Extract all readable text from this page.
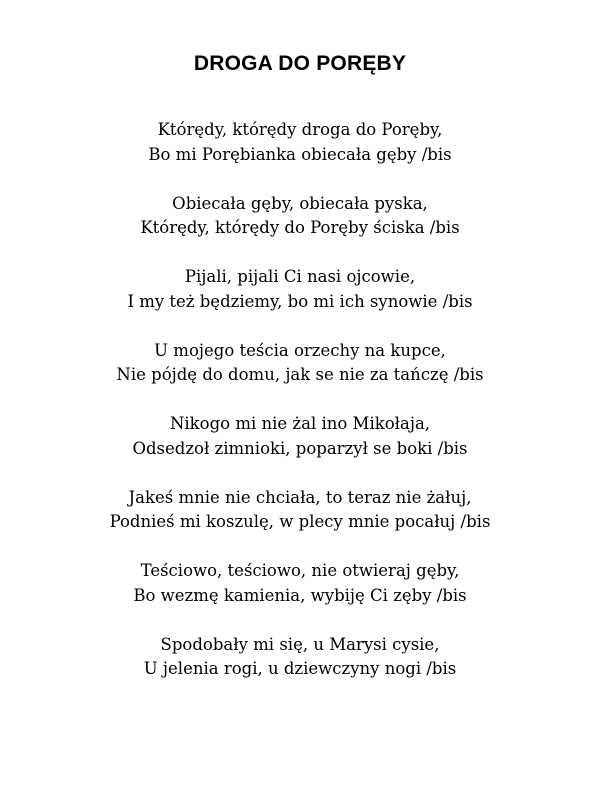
DROGA DO PORĘBY
Którędy, którędy droga do Poręby,
Bo mi Porębianka obiecała gęby /bis
Obiecała gęby, obiecała pyska,
Którędy, którędy do Poręby ściska /bis
Pijali, pijali Ci nasi ojcowie,
I my też będziemy, bo mi ich synowie /bis
U mojego teścia orzechy na kupce,
Nie pójdę do domu, jak se nie za tańczę /bis
Nikogo mi nie żal ino Mikołaja,
Odsedzoł zimnioki, poparzył se boki /bis
Jakeś mnie nie chciała, to teraz nie żałuj,
Podnieś mi koszulę, w plecy mnie pocałuj /bis
Teściowo, teściowo, nie otwieraj gęby,
Bo wezmę kamienia, wybiję Ci zęby /bis
Spodobały mi się, u Marysi cysie,
U jelenia rogi, u dziewczyny nogi /bis
